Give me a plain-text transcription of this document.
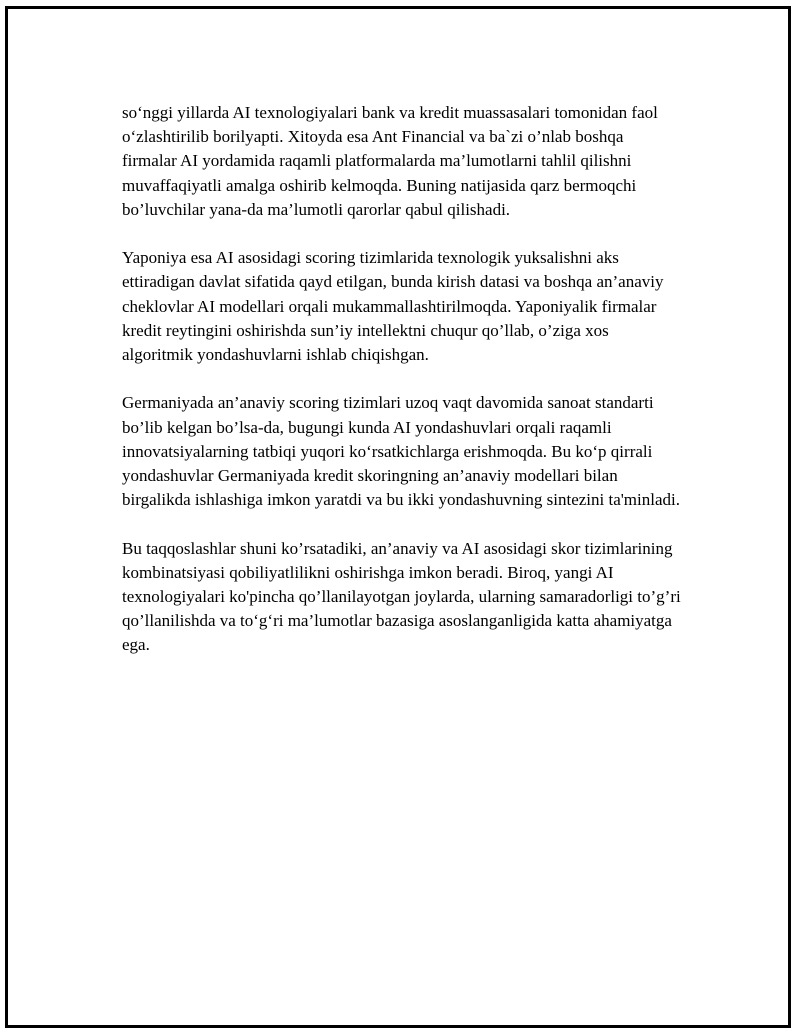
so‘nggi yillarda AI texnologiyalari bank va kredit muassasalari tomonidan faol o‘zlashtirilib borilyapti. Xitoyda esa Ant Financial va ba`zi o’nlab boshqa firmalar AI yordamida raqamli platformalarda ma’lumotlarni tahlil qilishni muvaffaqiyatli amalga oshirib kelmoqda. Buning natijasida qarz bermoqchi bo’luvchilar yana-da ma’lumotli qarorlar qabul qilishadi.

Yaponiya esa AI asosidagi scoring tizimlarida texnologik yuksalishni aks ettiradigan davlat sifatida qayd etilgan, bunda kirish datasi va boshqa an’anaviy cheklovlar AI modellari orqali mukammallashtirilmoqda. Yaponiyalik firmalar kredit reytingini oshirishda sun’iy intellektni chuqur qo’llab, o’ziga xos algoritmik yondashuvlarni ishlab chiqishgan.

Germaniyada an’anaviy scoring tizimlari uzoq vaqt davomida sanoat standarti bo’lib kelgan bo’lsa-da, bugungi kunda AI yondashuvlari orqali raqamli innovatsiyalarning tatbiqi yuqori ko‘rsatkichlarga erishmoqda. Bu ko‘p qirrali yondashuvlar Germaniyada kredit skoringning an’anaviy modellari bilan birgalikda ishlashiga imkon yaratdi va bu ikki yondashuvning sintezini ta'minladi.

Bu taqqoslashlar shuni ko’rsatadiki, an’anaviy va AI asosidagi skor tizimlarining kombinatsiyasi qobiliyatlilikni oshirishga imkon beradi. Biroq, yangi AI texnologiyalari ko'pincha qo’llanilayotgan joylarda, ularning samaradorligi to’g’ri qo’llanilishda va to‘g‘ri ma’lumotlar bazasiga asoslanganligida katta ahamiyatga ega.
